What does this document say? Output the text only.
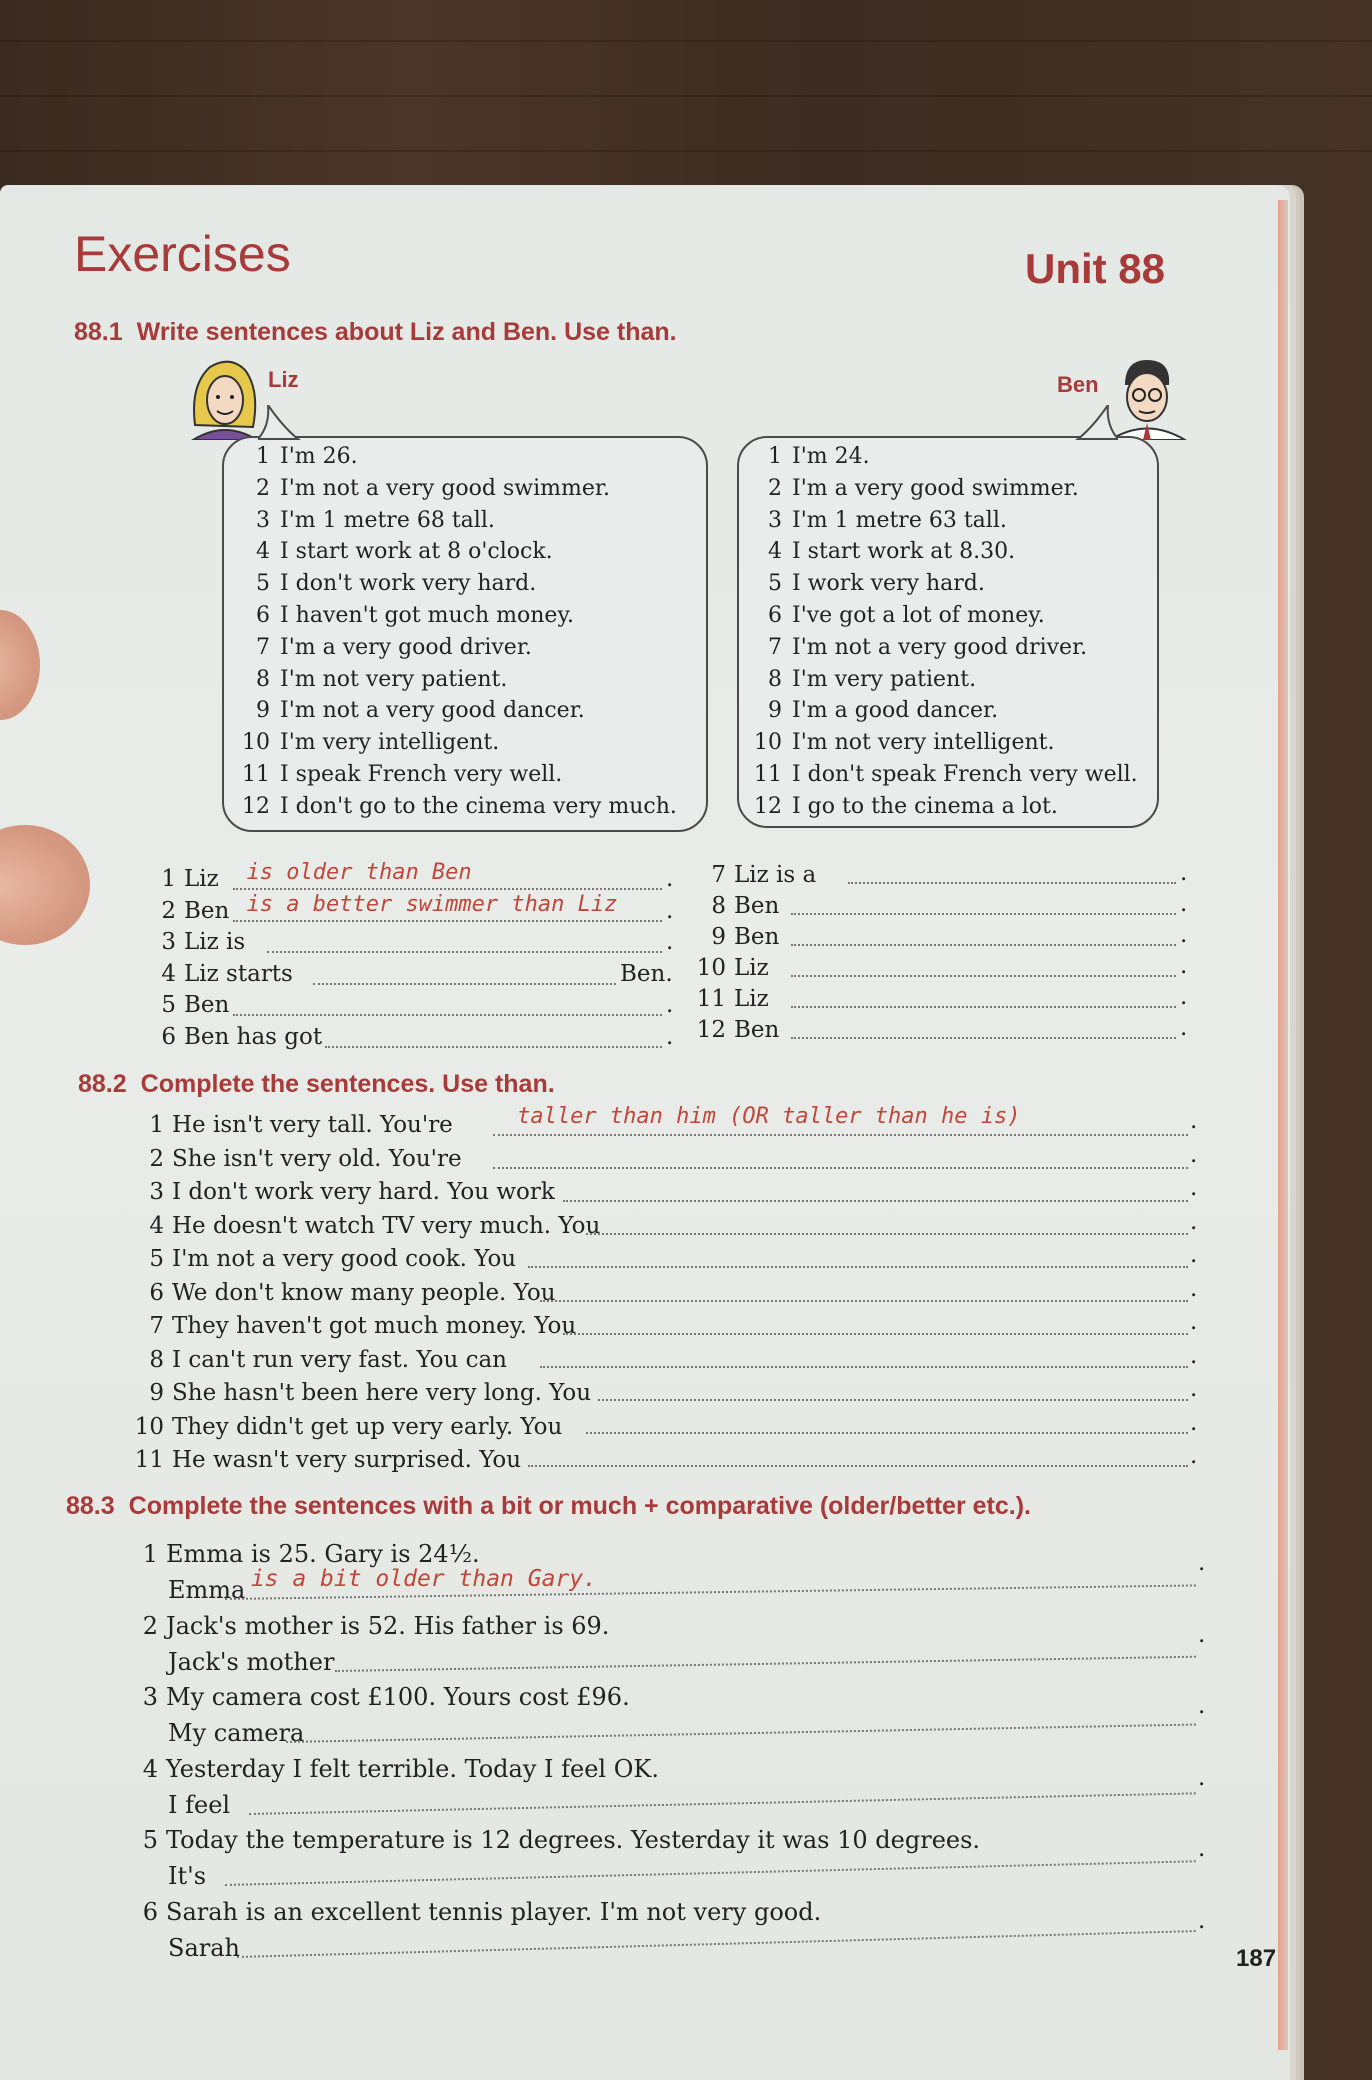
Exercises	Unit 88
88.1 Write sentences about Liz and Ben. Use than.
Liz	Ben
1 I'm 26.
2 I'm not a very good swimmer.
3 I'm 1 metre 68 tall.
4 I start work at 8 o'clock.
5 I don't work very hard.
6 I haven't got much money.
7 I'm a very good driver.
8 I'm not very patient.
9 I'm not a very good dancer.
10 I'm very intelligent.
11 I speak French very well.
12 I don't go to the cinema very much.
1 I'm 24.
2 I'm a very good swimmer.
3 I'm 1 metre 63 tall.
4 I start work at 8.30.
5 I work very hard.
6 I've got a lot of money.
7 I'm not a very good driver.
8 I'm very patient.
9 I'm a good dancer.
10 I'm not very intelligent.
11 I don't speak French very well.
12 I go to the cinema a lot.
1 Liz is older than Ben	.
2 Ben is a better swimmer than Liz .
3 Liz is	.
4 Liz starts	Ben.
5 Ben	.
6 Ben has got	.
7 Liz is a	.
8 Ben	.
9 Ben	.
10 Liz	.
11 Liz	.
12 Ben	.
88.2 Complete the sentences. Use than.
1 He isn't very tall. You're	taller than him (OR taller than he is)	.
2 She isn't very old. You're	.
3 I don't work very hard. You work	.
4 He doesn't watch TV very much. You	.
5 I'm not a very good cook. You	.
6 We don't know many people. You	.
7 They haven't got much money. You	.
8 I can't run very fast. You can	.
9 She hasn't been here very long. You	.
10 They didn't get up very early. You	.
11 He wasn't very surprised. You	.
88.3 Complete the sentences with a bit or much + comparative (older/better etc.).
1 Emma is 25. Gary is 24½.
Emma is a bit older than Gary.
.
2 Jack's mother is 52. His father is 69.
Jack's mother
.
3 My camera cost £100. Yours cost £96.
My camera
.
4 Yesterday I felt terrible. Today I feel OK.
I feel
.
5 Today the temperature is 12 degrees. Yesterday it was 10 degrees.
It's
.
6 Sarah is an excellent tennis player. I'm not very good.
Sarah
.
187
